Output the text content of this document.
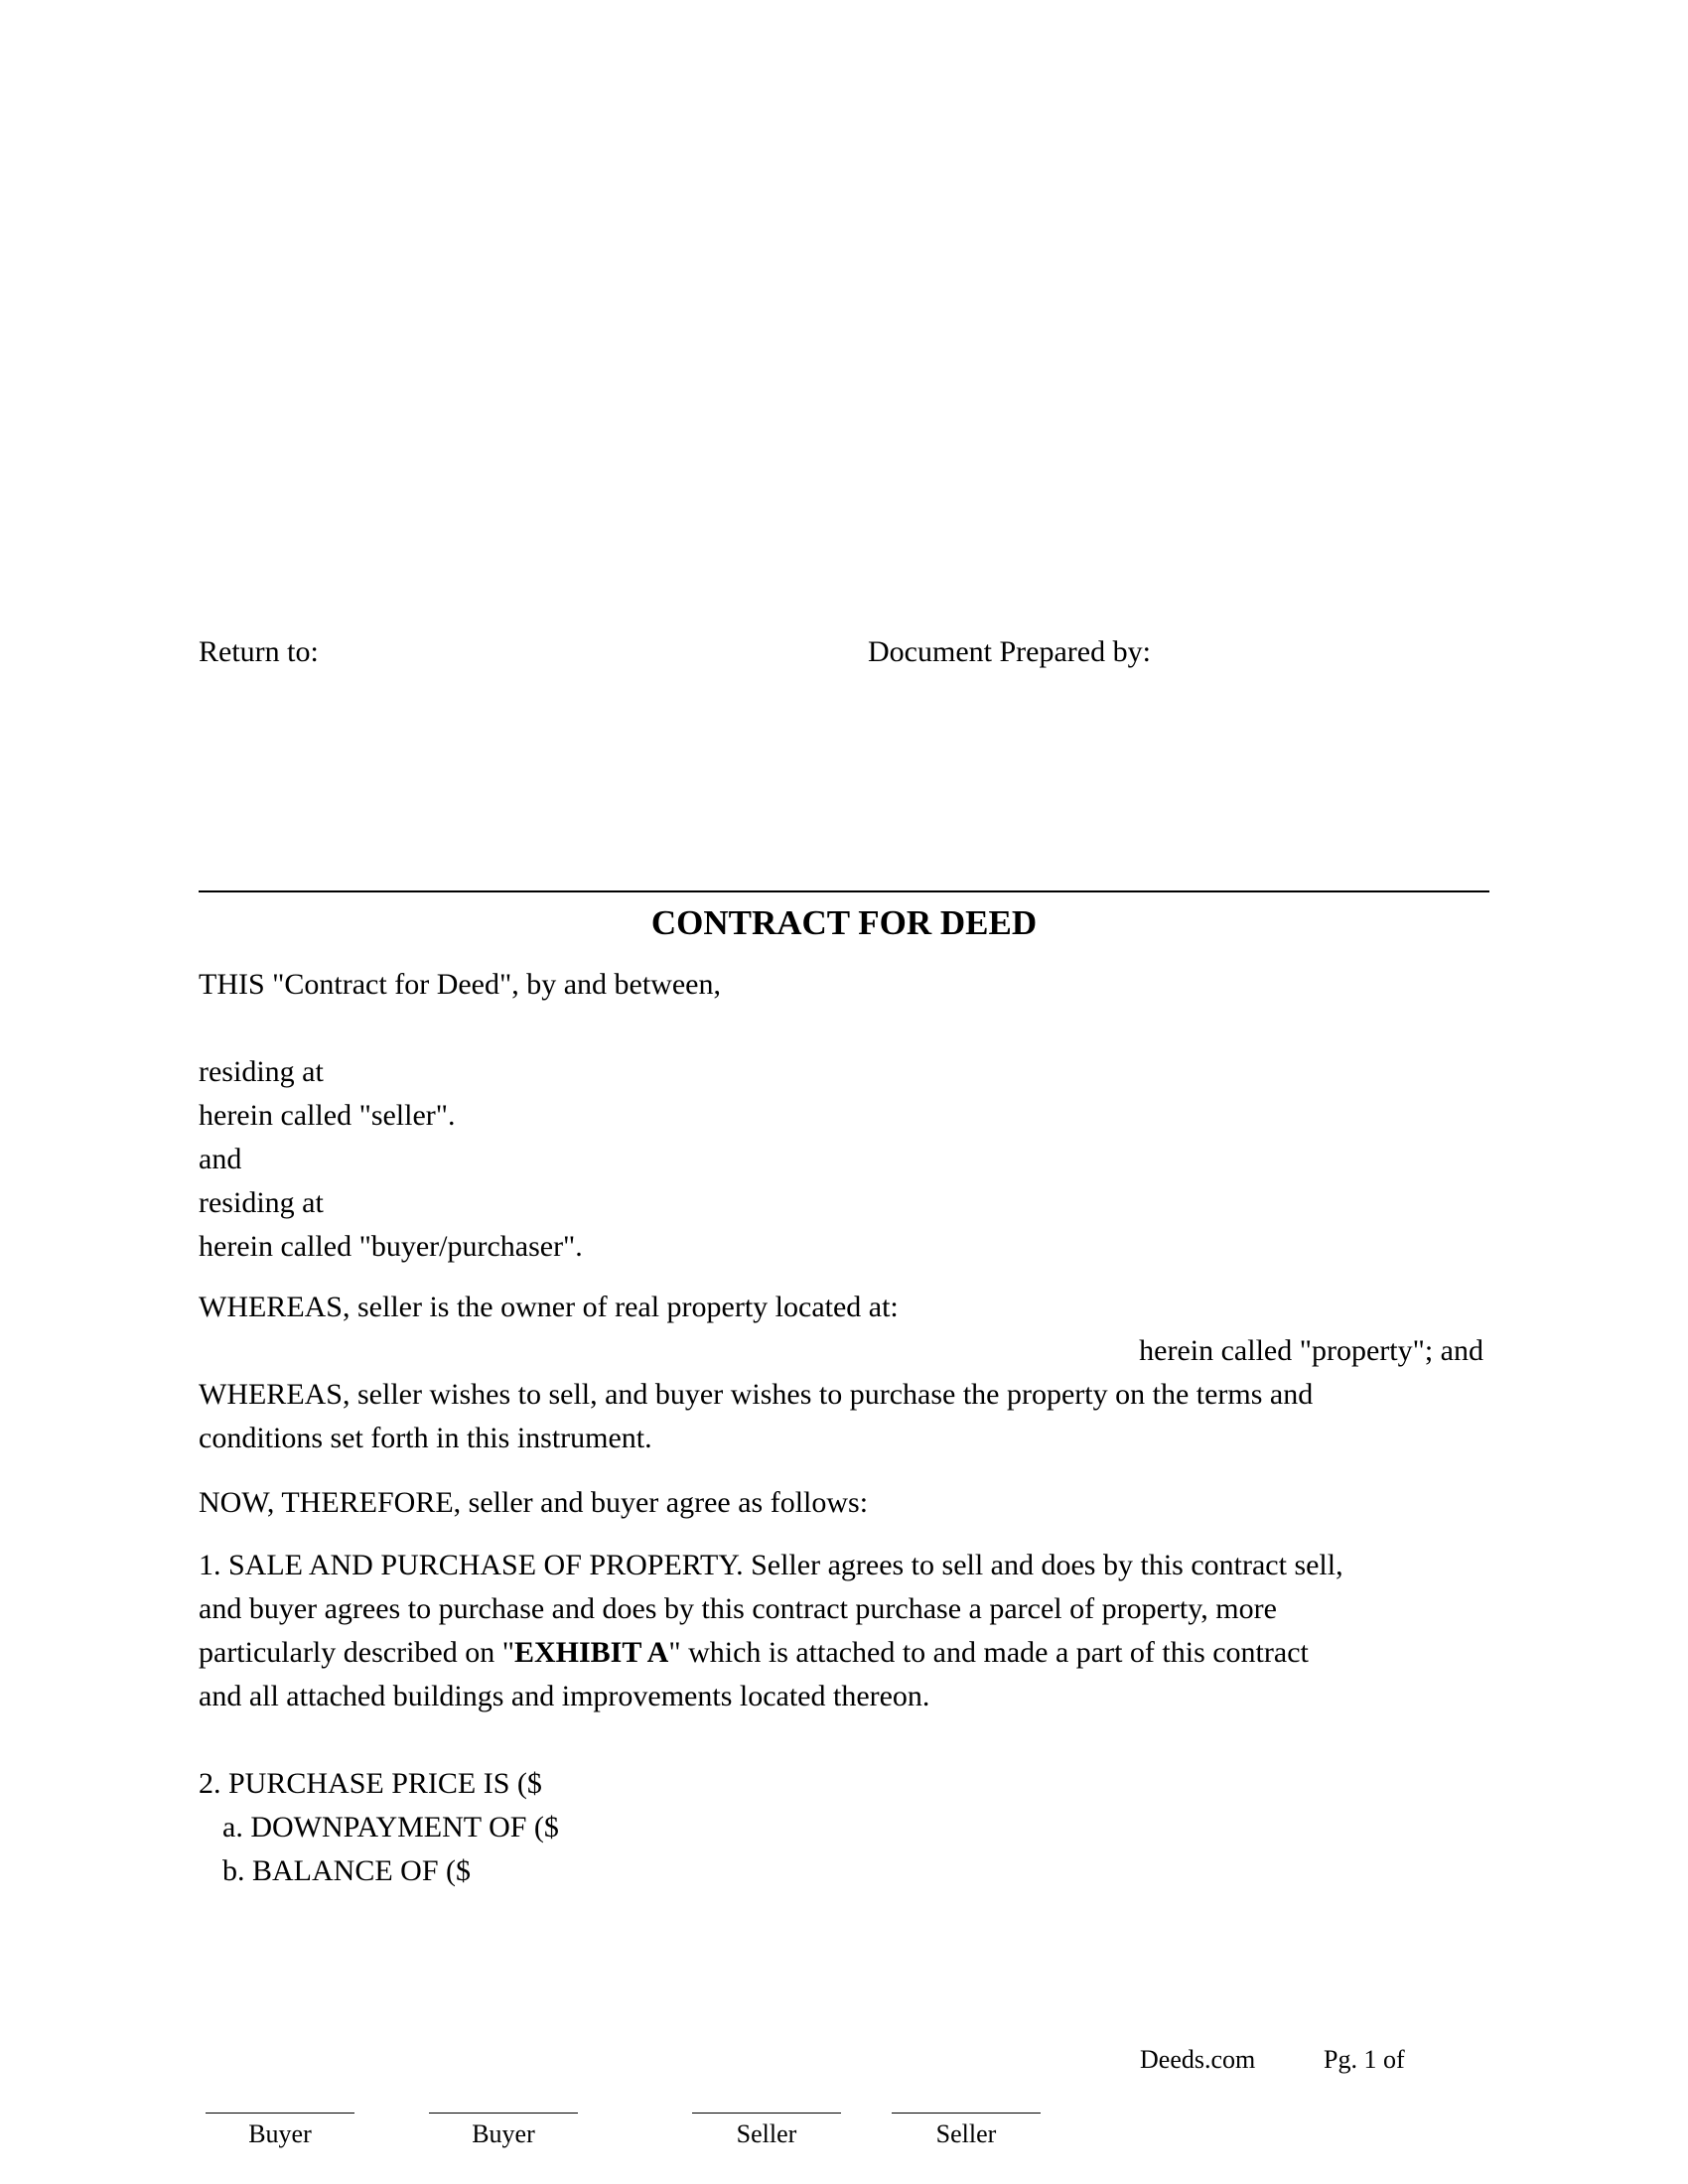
Return to:	Document Prepared by:
CONTRACT FOR DEED

THIS "Contract for Deed", by and between,

residing at

herein called "seller".

and

residing at

herein called "buyer/purchaser".

WHEREAS, seller is the owner of real property located at:

herein called "property"; and

WHEREAS, seller wishes to sell, and buyer wishes to purchase the property on the terms and

conditions set forth in this instrument.

NOW, THEREFORE, seller and buyer agree as follows:

1. SALE AND PURCHASE OF PROPERTY. Seller agrees to sell and does by this contract sell,

and buyer agrees to purchase and does by this contract purchase a parcel of property, more

particularly described on "EXHIBIT A" which is attached to and made a part of this contract

and all attached buildings and improvements located thereon.

2. PURCHASE PRICE IS ($

a. DOWNPAYMENT OF ($

b. BALANCE OF ($

Deeds.com	Pg. 1 of
Buyer	Buyer	Seller	Seller
